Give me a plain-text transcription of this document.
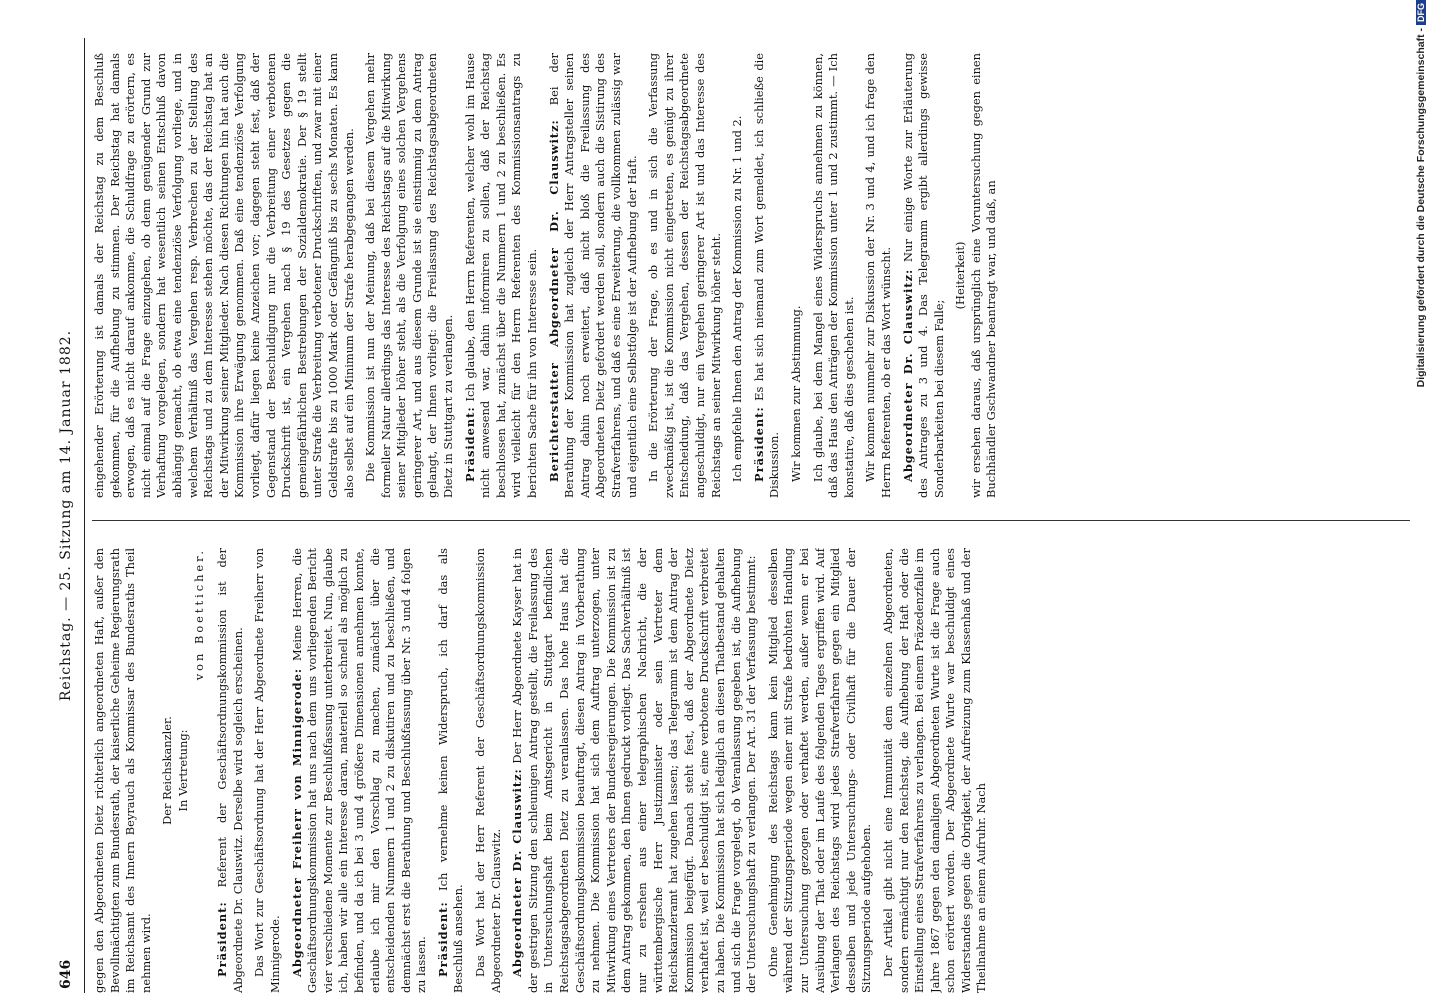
646
Reichstag. — 25. Sitzung am 14. Januar 1882.

gegen den Abgeordneten Dietz richterlich angeordneten Haft, außer den Bevollmächtigten zum Bundesrath, der kaiserliche Geheime Regierungsrath im Reichsamt des Innern Beyrauch als Kommissar des Bundesraths Theil nehmen wird.

Der Reichskanzler. In Vertretung:

von Boetticher.

Präsident: Referent der Geschäftsordnungskommission ist der Abgeordnete Dr. Clauswitz. Derselbe wird sogleich erscheinen. Das Wort zur Geschäftsordnung hat der Herr Abgeordnete Freiherr von Minnigerode. Abgeordneter Freiherr von Minnigerode: Meine Herren, die Geschäftsordnungskommission hat uns nach dem uns vorliegenden Bericht vier verschiedene Momente zur Beschlußfassung unterbreitet. Nun, glaube ich, haben wir alle ein Interesse daran, materiell so schnell als möglich zu befinden, und da ich bei 3 und 4 größere Dimensionen annehmen konnte, erlaube ich mir den Vorschlag zu machen, zunächst über die entscheidenden Nummern 1 und 2 zu diskutiren und zu beschließen, und demnächst erst die Berathung und Beschlußfassung über Nr. 3 und 4 folgen zu lassen. Präsident: Ich vernehme keinen Widerspruch, ich darf das als Beschluß ansehen. Das Wort hat der Herr Referent der Geschäftsordnungskommission Abgeordneter Dr. Clauswitz. Abgeordneter Dr. Clauswitz: Der Herr Abgeordnete Kayser hat in der gestrigen Sitzung den schleunigen Antrag gestellt, die Freilassung des in Untersuchungshaft beim Amtsgericht in Stuttgart befindlichen Reichstagsabgeordneten Dietz zu veranlassen. Das hohe Haus hat die Geschäftsordnungskommission beauftragt, diesen Antrag in Vorberathung zu nehmen. Die Kommission hat sich dem Auftrag unterzogen, unter Mitwirkung eines Vertreters der Bundesregierungen. Die Kommission ist zu dem Antrag gekommen, den Ihnen gedruckt vorliegt. Das Sachverhältniß ist nur zu ersehen aus einer telegraphischen Nachricht, die der württembergische Herr Justizminister oder sein Vertreter dem Reichskanzleramt hat zugehen lassen; das Telegramm ist dem Antrag der Kommission beigefügt. Danach steht fest, daß der Abgeordnete Dietz verhaftet ist, weil er beschuldigt ist, eine verbotene Druckschrift verbreitet zu haben. Die Kommission hat sich lediglich an diesen Thatbestand gehalten und sich die Frage vorgelegt, ob Veranlassung gegeben ist, die Aufhebung der Untersuchungshaft zu verlangen. Der Art. 31 der Verfassung bestimmt: Ohne Genehmigung des Reichstags kann kein Mitglied desselben während der Sitzungsperiode wegen einer mit Strafe bedrohten Handlung zur Untersuchung gezogen oder verhaftet werden, außer wenn er bei Ausübung der That oder im Laufe des folgenden Tages ergriffen wird. Auf Verlangen des Reichstags wird jedes Strafverfahren gegen ein Mitglied desselben und jede Untersuchungs- oder Civilhaft für die Dauer der Sitzungsperiode aufgehoben. Der Artikel gibt nicht eine Immunität dem einzelnen Abgeordneten, sondern ermächtigt nur den Reichstag, die Aufhebung der Haft oder die Einstellung eines Strafverfahrens zu verlangen. Bei einem Präzedenzfalle im Jahre 1867 gegen den damaligen Abgeordneten Wurte ist die Frage auch schon erörtert worden. Der Abgeordnete Wurte war beschuldigt eines Widerstandes gegen die Obrigkeit, der Aufreizung zum Klassenhaß und der Theilnahme an einem Aufruhr. Nach

eingehender Erörterung ist damals der Reichstag zu dem Beschluß gekommen, für die Aufhebung zu stimmen. Der Reichstag hat damals erwogen, daß es nicht darauf ankomme, die Schuldfrage zu erörtern, es nicht einmal auf die Frage einzugehen, ob denn genügender Grund zur Verhaftung vorgelegen, sondern hat wesentlich seinen Entschluß davon abhängig gemacht, ob etwa eine tendenziöse Verfolgung vorliege, und in welchem Verhältniß das Vergehen resp. Verbrechen zu der Stellung des Reichstags und zu dem Interesse stehen möchte, das der Reichstag hat an der Mitwirkung seiner Mitglieder. Nach diesen Richtungen hin hat auch die Kommission ihre Erwägung genommen. Daß eine tendenziöse Verfolgung vorliegt, dafür liegen keine Anzeichen vor; dagegen steht fest, daß der Gegenstand der Beschuldigung nur die Verbreitung einer verbotenen Druckschrift ist, ein Vergehen nach § 19 des Gesetzes gegen die gemeingefährlichen Bestrebungen der Sozialdemokratie. Der § 19 stellt unter Strafe die Verbreitung verbotener Druckschriften, und zwar mit einer Geldstrafe bis zu 1000 Mark oder Gefängniß bis zu sechs Monaten. Es kann also selbst auf ein Minimum der Strafe herabgegangen werden. Die Kommission ist nun der Meinung, daß bei diesem Vergehen mehr formeller Natur allerdings das Interesse des Reichstags auf die Mitwirkung seiner Mitglieder höher steht, als die Verfolgung eines solchen Vergehens geringerer Art, und aus diesem Grunde ist sie einstimmig zu dem Antrag gelangt, der Ihnen vorliegt: die Freilassung des Reichstagsabgeordneten Dietz in Stuttgart zu verlangen. Präsident: Ich glaube, den Herrn Referenten, welcher wohl im Hause nicht anwesend war, dahin informiren zu sollen, daß der Reichstag beschlossen hat, zunächst über die Nummern 1 und 2 zu beschließen. Es wird vielleicht für den Herrn Referenten des Kommissionsantrags zu berichten Sache für ihn von Interesse sein. Berichterstatter Abgeordneter Dr. Clauswitz: Bei der Berathung der Kommission hat zugleich der Herr Antragsteller seinen Antrag dahin noch erweitert, daß nicht bloß die Freilassung des Abgeordneten Dietz gefordert werden soll, sondern auch die Sistirung des Strafverfahrens, und daß es eine Erweiterung, die vollkommen zulässig war und eigentlich eine Selbstfolge ist der Aufhebung der Haft. In die Erörterung der Frage, ob es und in sich die Verfassung zweckmäßig ist, ist die Kommission nicht eingetreten, es genügt zu ihrer Entscheidung, daß das Vergehen, dessen der Reichstagsabgeordnete angeschuldigt, nur ein Vergehen geringerer Art ist und das Interesse des Reichstags an seiner Mitwirkung höher steht. Ich empfehle Ihnen den Antrag der Kommission zu Nr. 1 und 2. Präsident: Es hat sich niemand zum Wort gemeldet, ich schließe die Diskussion. Wir kommen zur Abstimmung. Ich glaube, bei dem Mangel eines Widerspruchs annehmen zu können, daß das Haus den Anträgen der Kommission unter 1 und 2 zustimmt. — Ich konstatire, daß dies geschehen ist. Wir kommen nunmehr zur Diskussion der Nr. 3 und 4, und ich frage den Herrn Referenten, ob er das Wort wünscht. Abgeordneter Dr. Clauswitz: Nur einige Worte zur Erläuterung des Antrages zu 3 und 4. Das Telegramm ergibt allerdings gewisse Sonderbarkeiten bei diesem Falle;

(Heiterkeit) wir ersehen daraus, daß ursprünglich eine Voruntersuchung gegen einen Buchhändler Gschwandner beantragt war, und daß, an	Digitalisierung gefördert durch die Deutsche Forschungsgemeinschaft -DFG
